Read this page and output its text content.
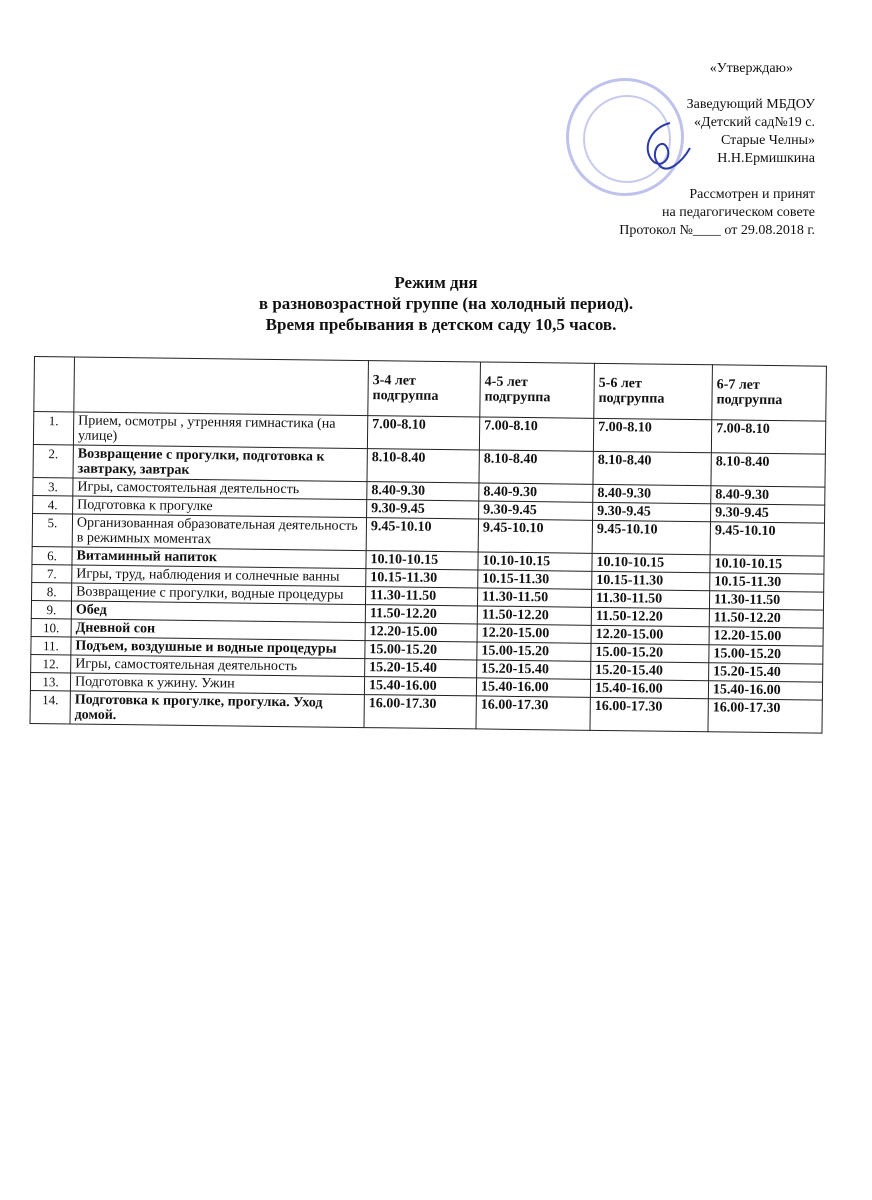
«Утверждаю»
Заведующий МБДОУ
«Детский сад№19 с.
Старые Челны»
Н.Н.Ермишкина
Рассмотрен и принят
на педагогическом совете
Протокол №____ от 29.08.2018 г.
Режим дня
в разновозрастной группе (на холодный период).
Время пребывания в детском саду 10,5 часов.
		3-4 лет подгруппа	4-5 лет подгруппа	5-6 лет подгруппа	6-7 лет подгруппа
1.	Прием, осмотры , утренняя гимнастика (на улице)	7.00-8.10	7.00-8.10	7.00-8.10	7.00-8.10
2.	Возвращение с прогулки, подготовка к завтраку, завтрак	8.10-8.40	8.10-8.40	8.10-8.40	8.10-8.40
3.	Игры, самостоятельная деятельность	8.40-9.30	8.40-9.30	8.40-9.30	8.40-9.30
4.	Подготовка к прогулке	9.30-9.45	9.30-9.45	9.30-9.45	9.30-9.45
5.	Организованная образовательная деятельность в режимных моментах	9.45-10.10	9.45-10.10	9.45-10.10	9.45-10.10
6.	Витаминный напиток	10.10-10.15	10.10-10.15	10.10-10.15	10.10-10.15
7.	Игры, труд, наблюдения и солнечные ванны	10.15-11.30	10.15-11.30	10.15-11.30	10.15-11.30
8.	Возвращение с прогулки, водные процедуры	11.30-11.50	11.30-11.50	11.30-11.50	11.30-11.50
9.	Обед	11.50-12.20	11.50-12.20	11.50-12.20	11.50-12.20
10.	Дневной сон	12.20-15.00	12.20-15.00	12.20-15.00	12.20-15.00
11.	Подъем, воздушные и водные процедуры	15.00-15.20	15.00-15.20	15.00-15.20	15.00-15.20
12.	Игры, самостоятельная деятельность	15.20-15.40	15.20-15.40	15.20-15.40	15.20-15.40
13.	Подготовка к ужину. Ужин	15.40-16.00	15.40-16.00	15.40-16.00	15.40-16.00
14.	Подготовка к прогулке, прогулка. Уход домой.	16.00-17.30	16.00-17.30	16.00-17.30	16.00-17.30
